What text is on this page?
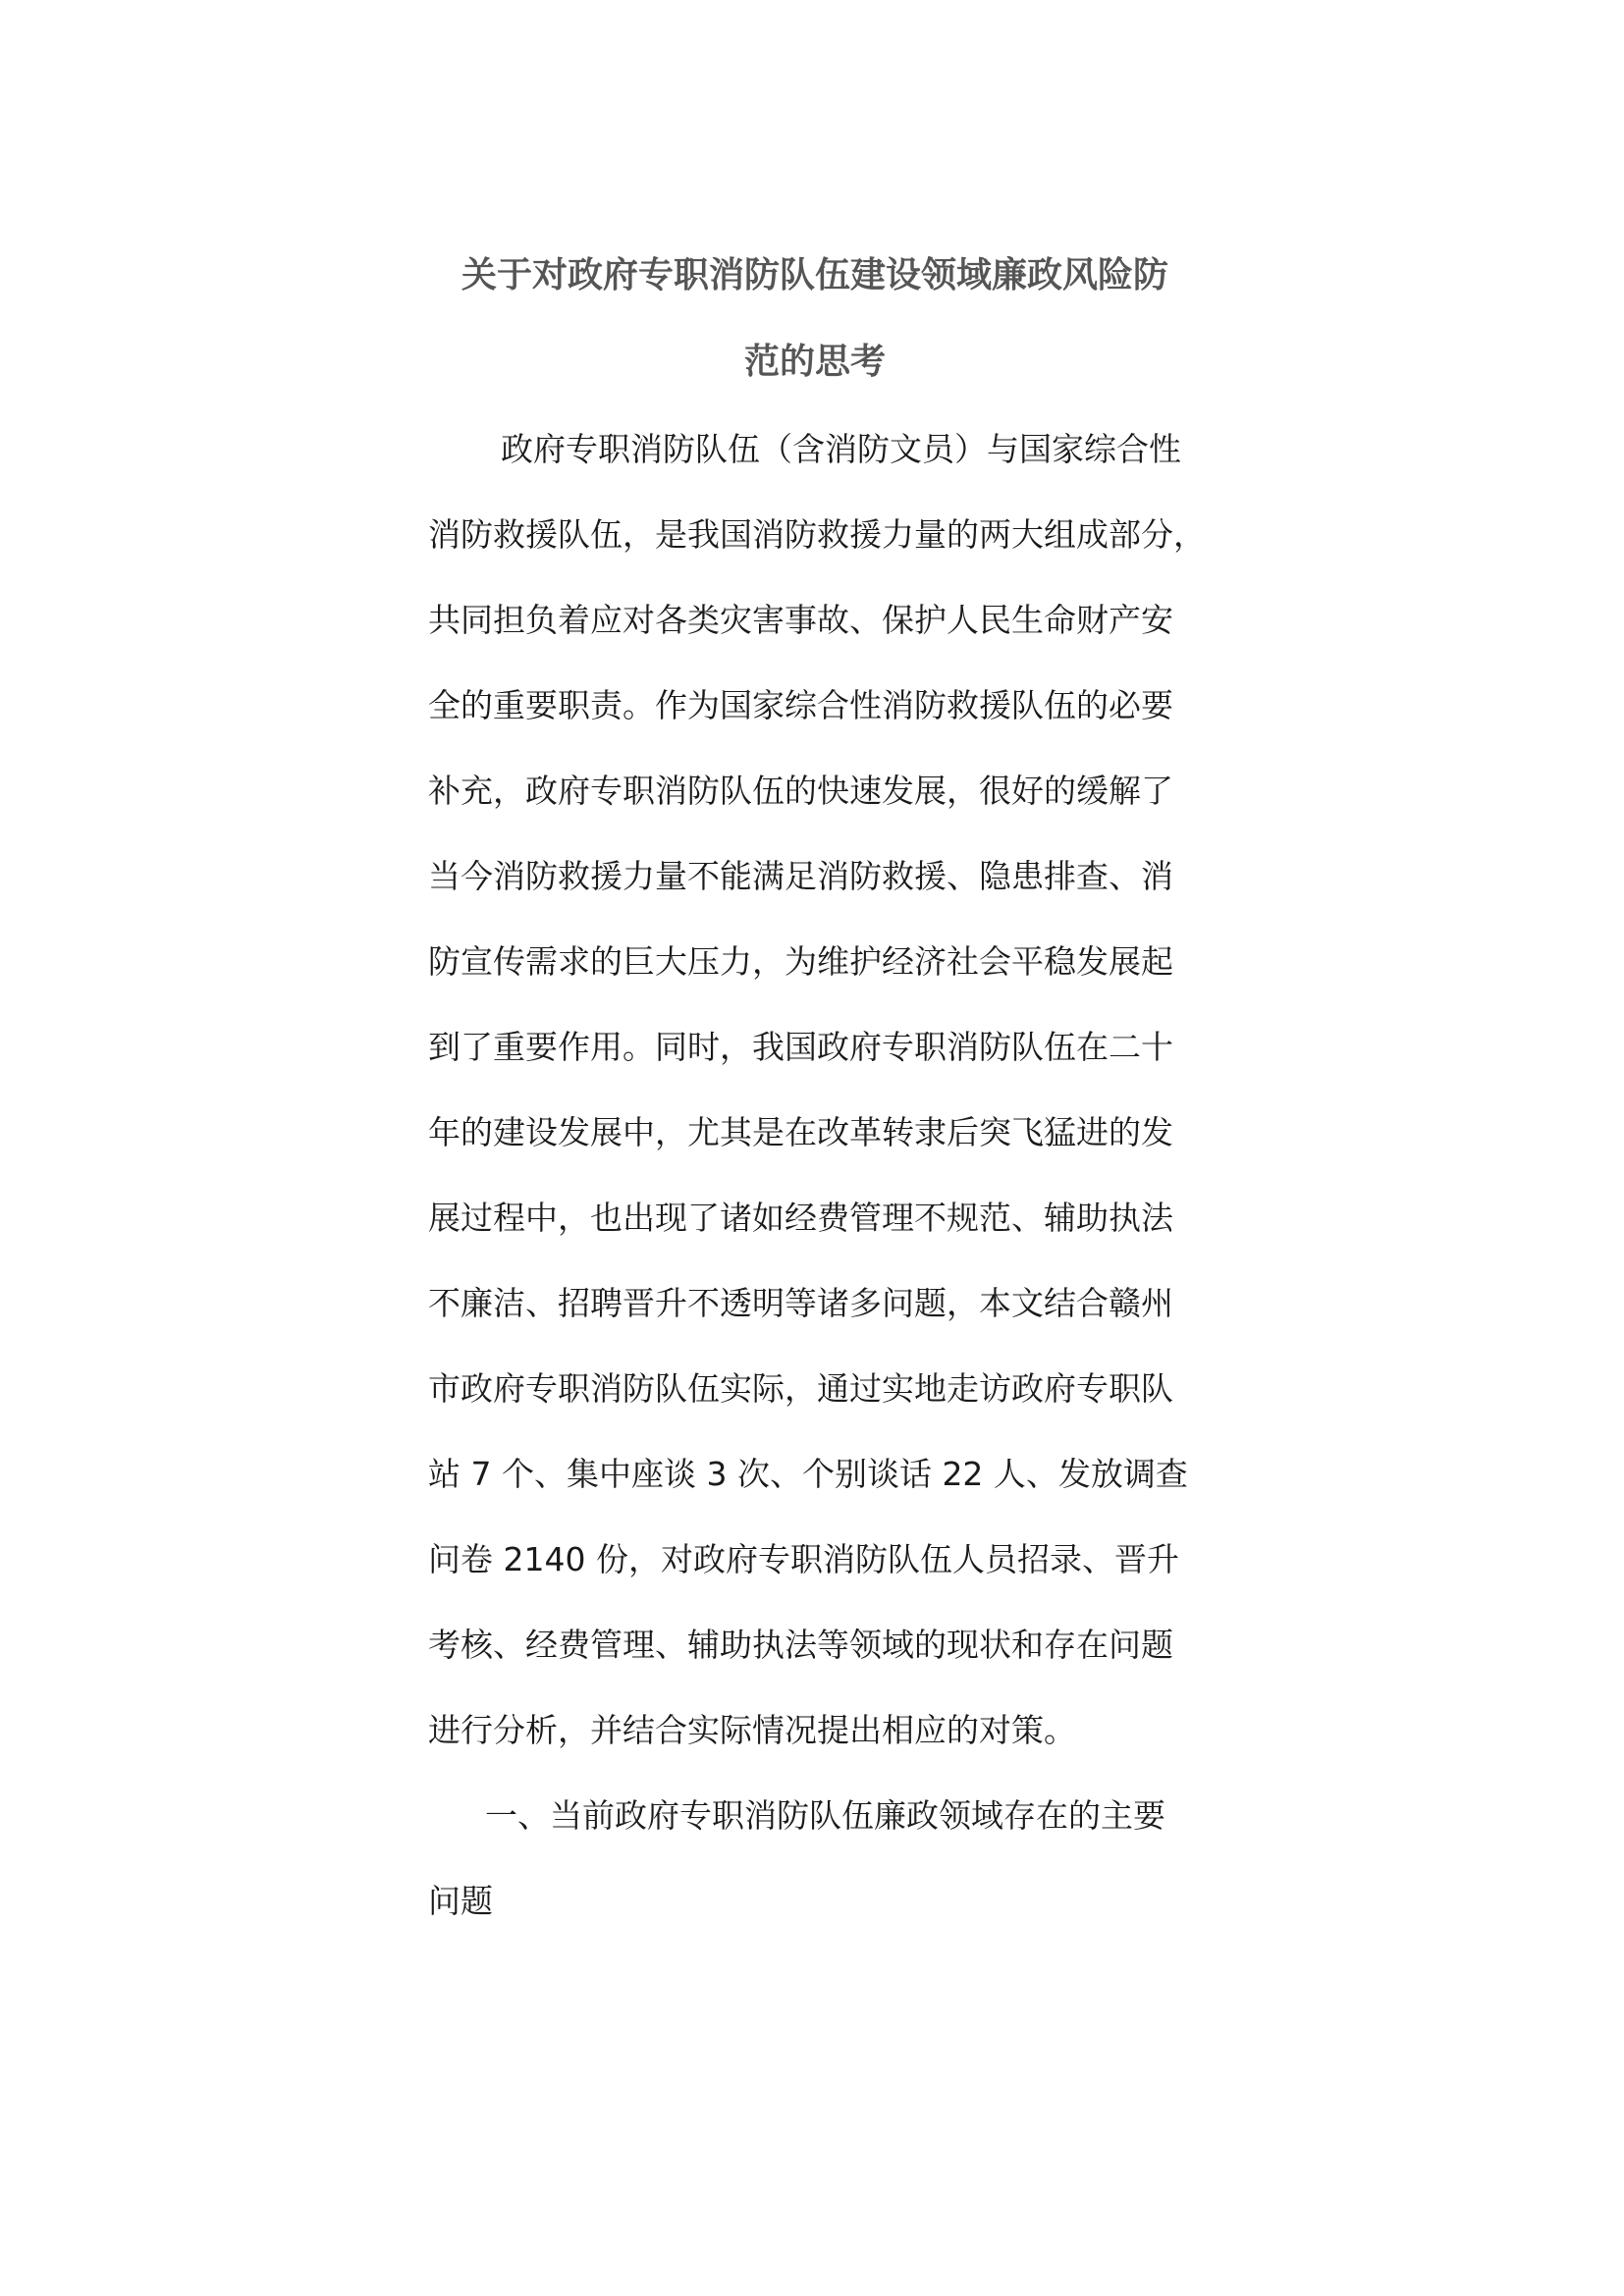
关于对政府专职消防队伍建设领域廉政风险防
范的思考

政府专职消防队伍（含消防文员）与国家综合性

消防救援队伍，是我国消防救援力量的两大组成部分，

共同担负着应对各类灾害事故、保护人民生命财产安

全的重要职责。作为国家综合性消防救援队伍的必要

补充，政府专职消防队伍的快速发展，很好的缓解了

当今消防救援力量不能满足消防救援、隐患排查、消

防宣传需求的巨大压力，为维护经济社会平稳发展起

到了重要作用。同时，我国政府专职消防队伍在二十

年的建设发展中，尤其是在改革转隶后突飞猛进的发

展过程中，也出现了诸如经费管理不规范、辅助执法

不廉洁、招聘晋升不透明等诸多问题，本文结合赣州

市政府专职消防队伍实际，通过实地走访政府专职队

站 7 个、集中座谈 3 次、个别谈话 22 人、发放调查

问卷 2140 份，对政府专职消防队伍人员招录、晋升

考核、经费管理、辅助执法等领域的现状和存在问题

进行分析，并结合实际情况提出相应的对策。

一、当前政府专职消防队伍廉政领域存在的主要

问题
